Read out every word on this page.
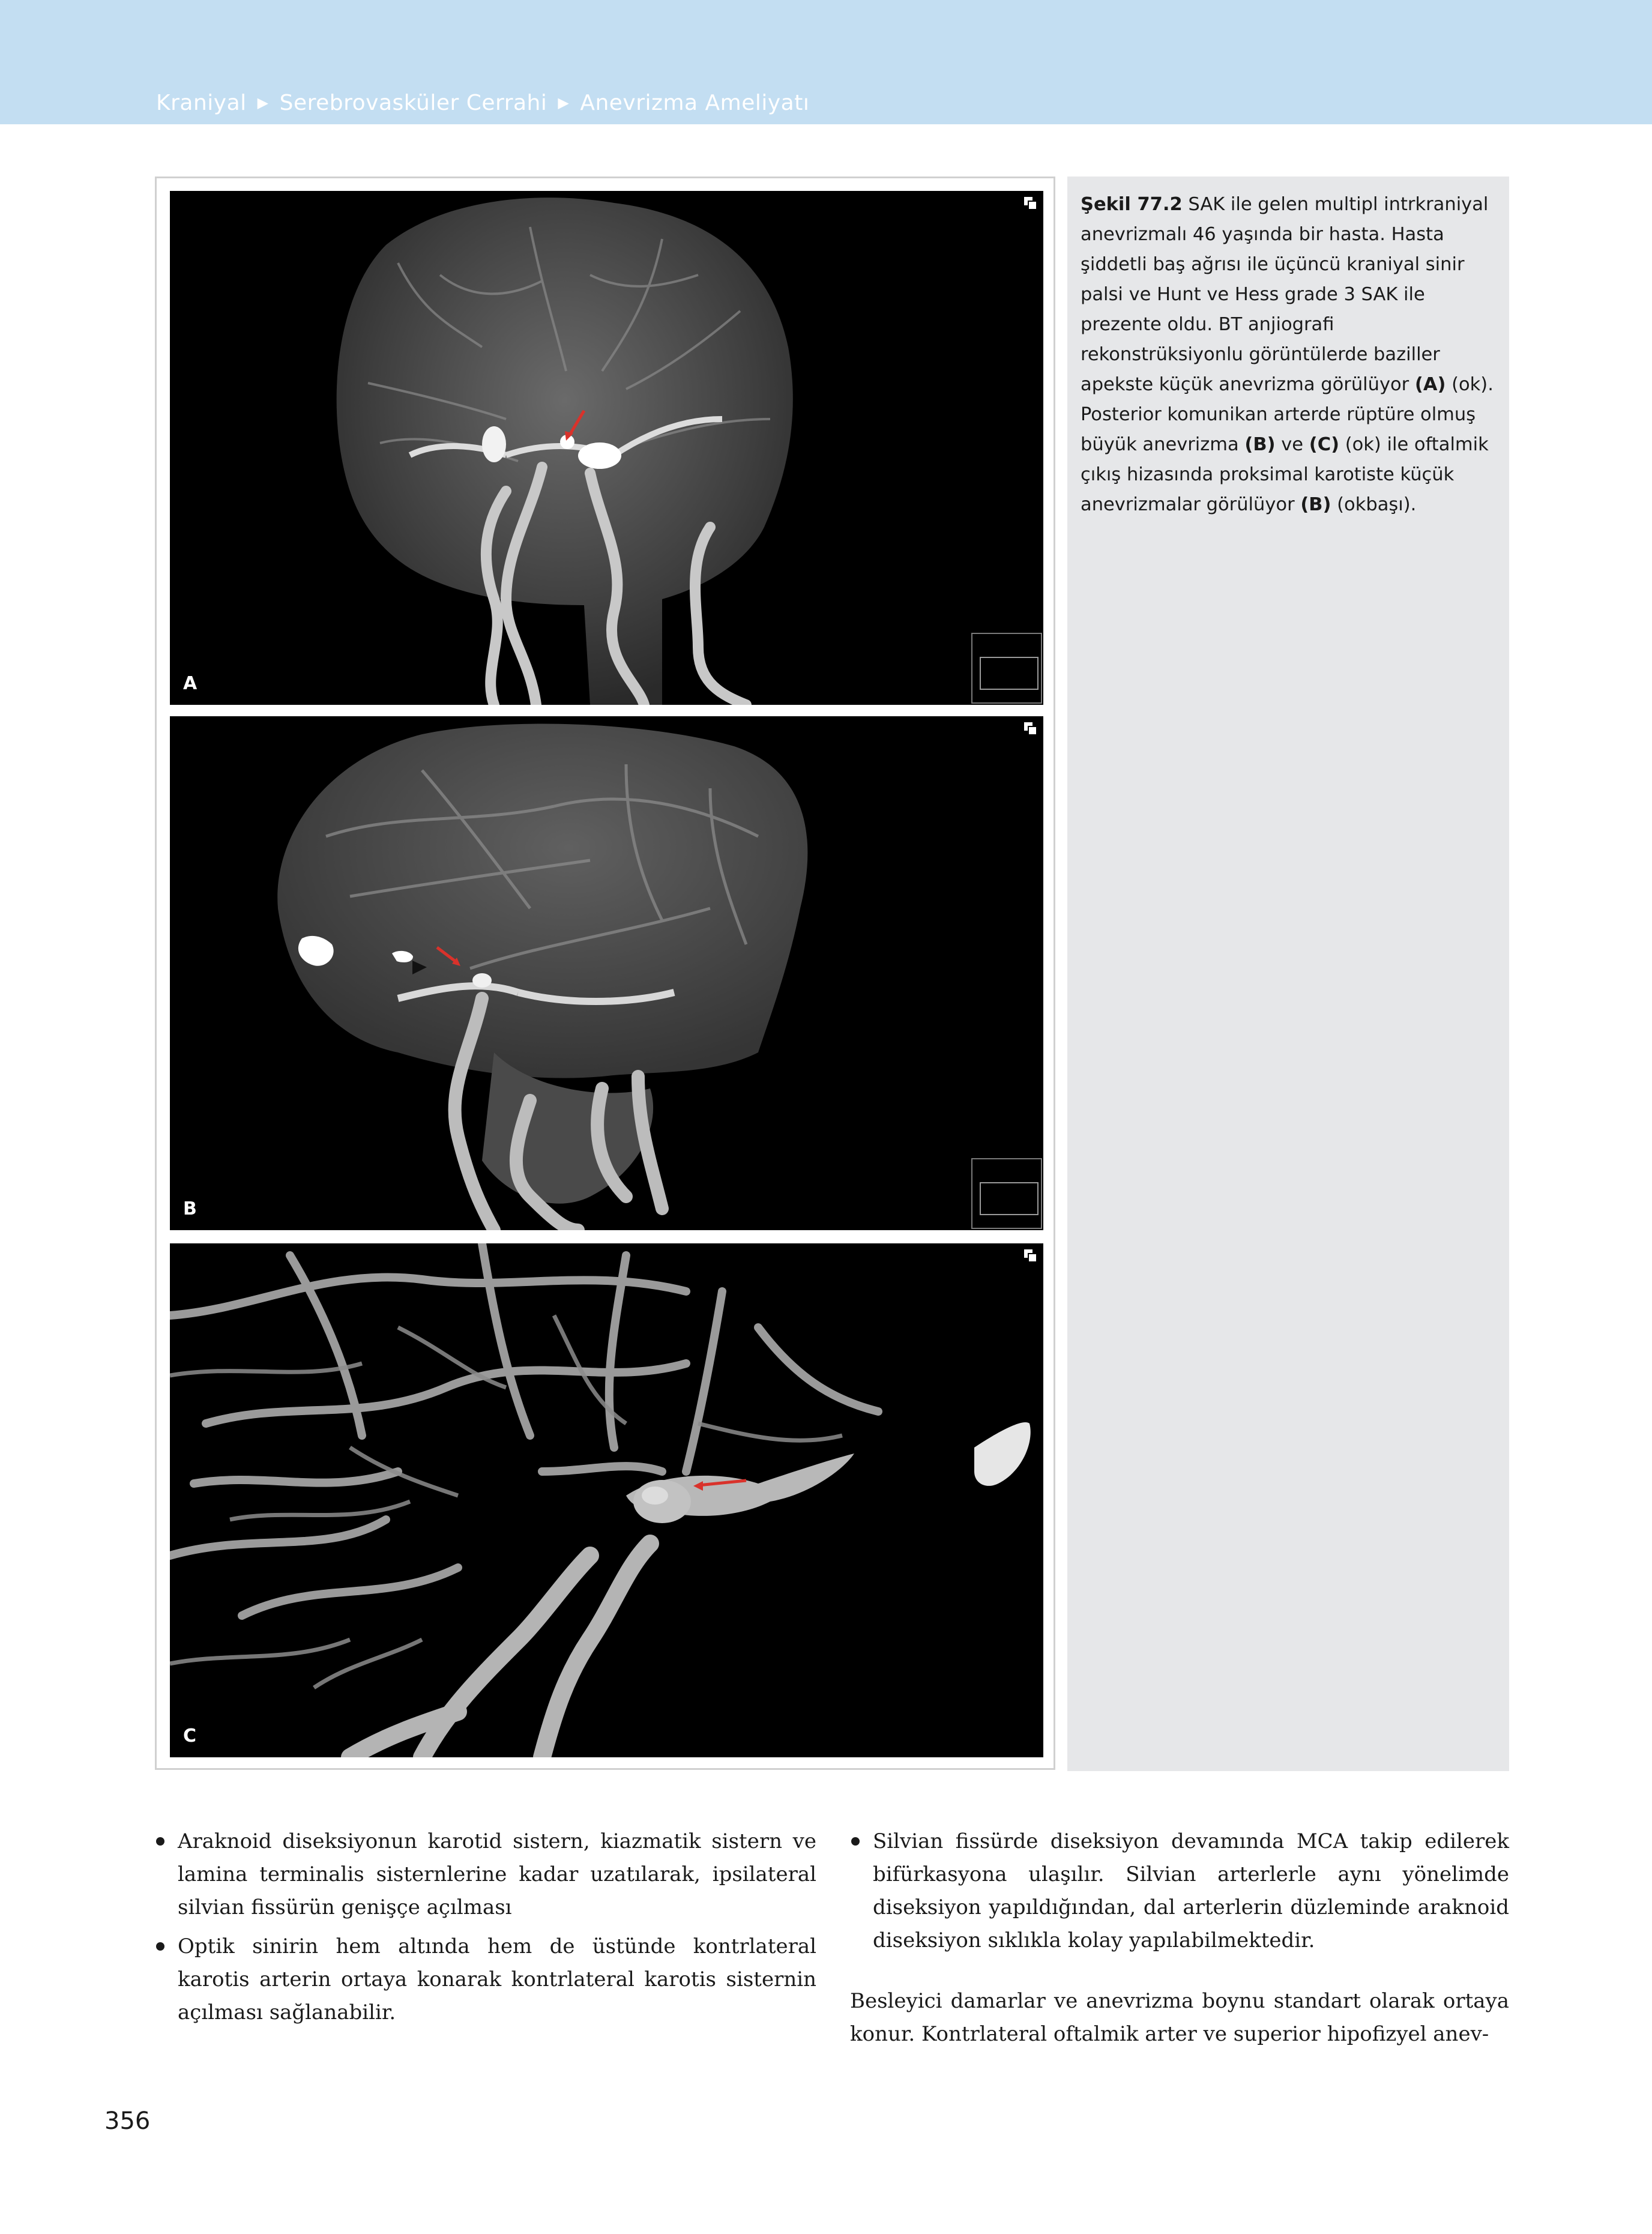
Kraniyal ▶ Serebrovasküler Cerrahi ▶ Anevrizma Ameliyatı
A
B
C
Şekil 77.2 SAK ile gelen multipl intrkraniyal anevrizmalı 46 yaşında bir hasta. Hasta şiddetli baş ağrısı ile üçüncü kraniyal sinir palsi ve Hunt ve Hess grade 3 SAK ile prezente oldu. BT anjiografi rekonstrüksiyonlu görüntülerde baziller apekste küçük anevrizma görülüyor (A) (ok). Posterior komunikan arterde rüptüre olmuş büyük anevrizma (B) ve (C) (ok) ile oftalmik çıkış hizasında proksimal karotiste küçük anevrizmalar görülüyor (B) (okbaşı).
Araknoid diseksiyonun karotid sistern, kiazmatik sistern ve lamina terminalis sisternlerine kadar uzatılarak, ipsilateral silvian fissürün genişçe açılması
Optik sinirin hem altında hem de üstünde kontrlateral karotis arterin ortaya konarak kontrlateral karotis sisternin açılması sağlanabilir.
Silvian fissürde diseksiyon devamında MCA takip edilerek bifürkasyona ulaşılır. Silvian arterlerle aynı yönelimde diseksiyon yapıldığından, dal arterlerin düzleminde araknoid diseksiyon sıklıkla kolay yapılabilmektedir.
Besleyici damarlar ve anevrizma boynu standart olarak ortaya konur. Kontrlateral oftalmik arter ve superior hipofizyel anev-
356
